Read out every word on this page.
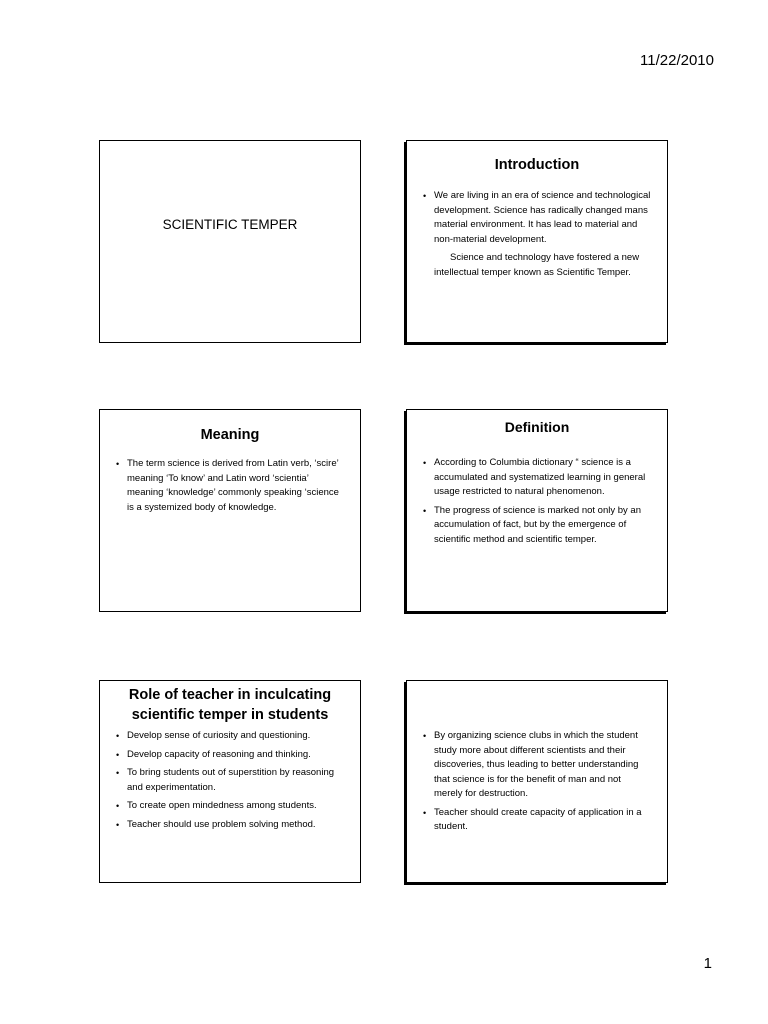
11/22/2010
SCIENTIFIC TEMPER
Introduction
• We are living in an era of science and technological development. Science has radically changed mans material environment. It has lead to material and non-material development.

Science and technology have fostered a new intellectual temper known as Scientific Temper.

Meaning
• The term science is derived from Latin verb, ‘scire’ meaning ‘To know’ and Latin word ‘scientia’ meaning ‘knowledge’ commonly speaking ‘science is a systemized body of knowledge.
Definition
• According to Columbia dictionary “ science is a accumulated and systematized learning in general usage restricted to natural phenomenon.
• The progress of science is marked not only by an accumulation of fact, but by the emergence of scientific method and scientific temper.
Role of teacher in inculcating scientific temper in students
• Develop sense of curiosity and questioning.
• Develop capacity of reasoning and thinking.
• To bring students out of superstition by reasoning and experimentation.
• To create open mindedness among students.
• Teacher should use problem solving method.
• By organizing science clubs in which the student study more about different scientists and their discoveries, thus leading to better understanding that science is for the benefit of man and not merely for destruction.
• Teacher should create capacity of application in a student.
1
